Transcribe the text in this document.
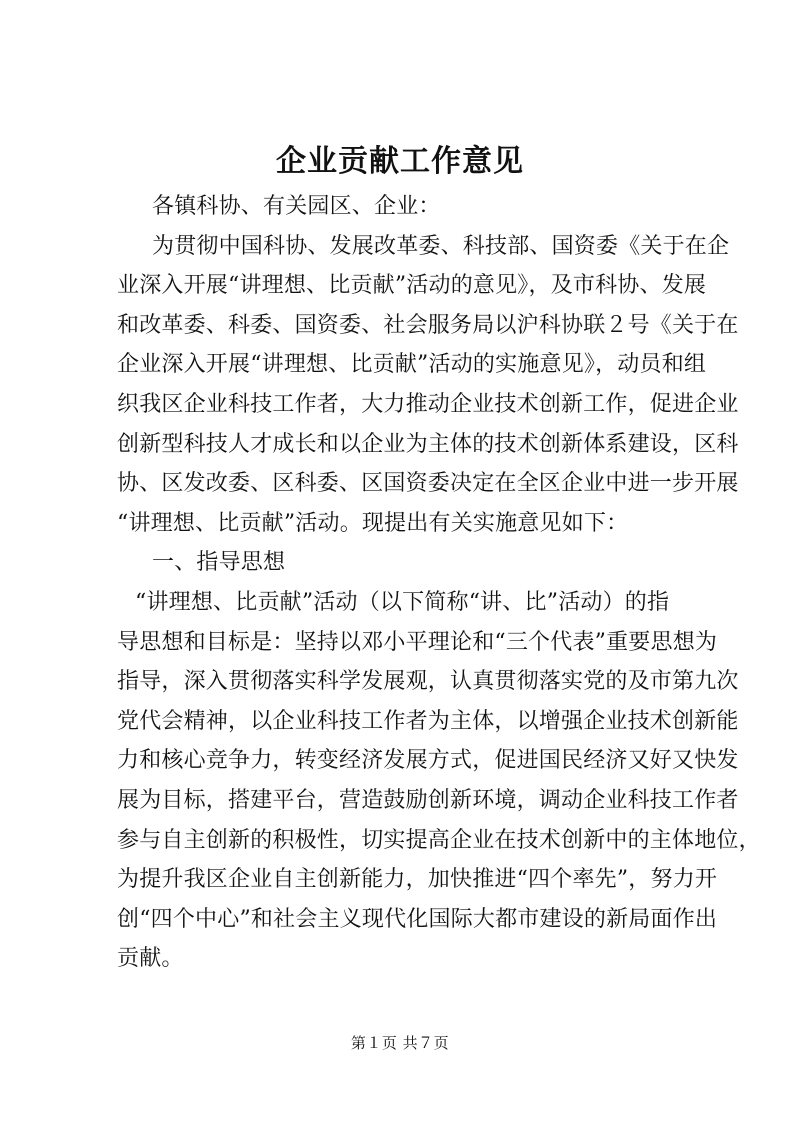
企业贡献工作意见
各镇科协、有关园区、企业：
为贯彻中国科协、发展改革委、科技部、国资委《关于在企
业深入开展“讲理想、比贡献”活动的意见》，及市科协、发展
和改革委、科委、国资委、社会服务局以沪科协联２号《关于在
企业深入开展“讲理想、比贡献”活动的实施意见》，动员和组
织我区企业科技工作者，大力推动企业技术创新工作，促进企业
创新型科技人才成长和以企业为主体的技术创新体系建设，区科
协、区发改委、区科委、区国资委决定在全区企业中进一步开展
“讲理想、比贡献”活动。现提出有关实施意见如下：
一、指导思想
“讲理想、比贡献”活动（以下简称“讲、比”活动）的指
导思想和目标是：坚持以邓小平理论和“三个代表”重要思想为
指导，深入贯彻落实科学发展观，认真贯彻落实党的及市第九次
党代会精神，以企业科技工作者为主体，以增强企业技术创新能
力和核心竞争力，转变经济发展方式，促进国民经济又好又快发
展为目标，搭建平台，营造鼓励创新环境，调动企业科技工作者
参与自主创新的积极性，切实提高企业在技术创新中的主体地位，
为提升我区企业自主创新能力，加快推进“四个率先”，努力开
创“四个中心”和社会主义现代化国际大都市建设的新局面作出
贡献。
第１页 共７页
